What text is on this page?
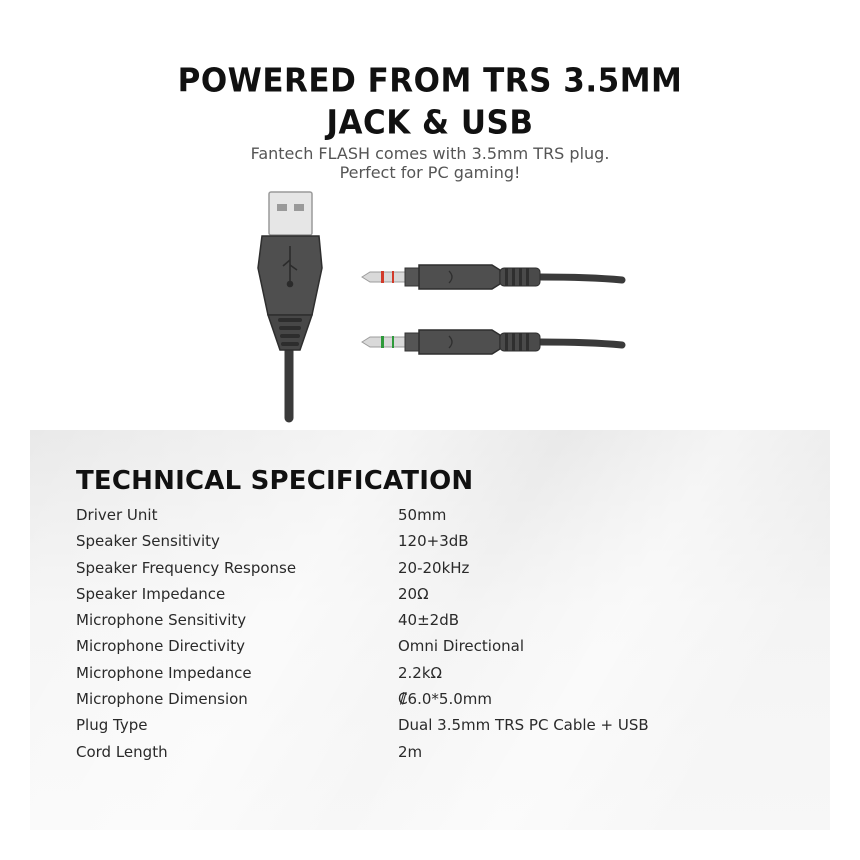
POWERED FROM TRS 3.5MM
JACK & USB
Fantech FLASH comes with 3.5mm TRS plug.
Perfect for PC gaming!
TECHNICAL SPECIFICATION
Driver Unit	50mm
Speaker Sensitivity	120+3dB
Speaker Frequency Response	20-20kHz
Speaker Impedance	20Ω
Microphone Sensitivity	40±2dB
Microphone Directivity	Omni Directional
Microphone Impedance	2.2kΩ
Microphone Dimension	₡6.0*5.0mm
Plug Type	Dual 3.5mm TRS PC Cable + USB
Cord Length	2m
